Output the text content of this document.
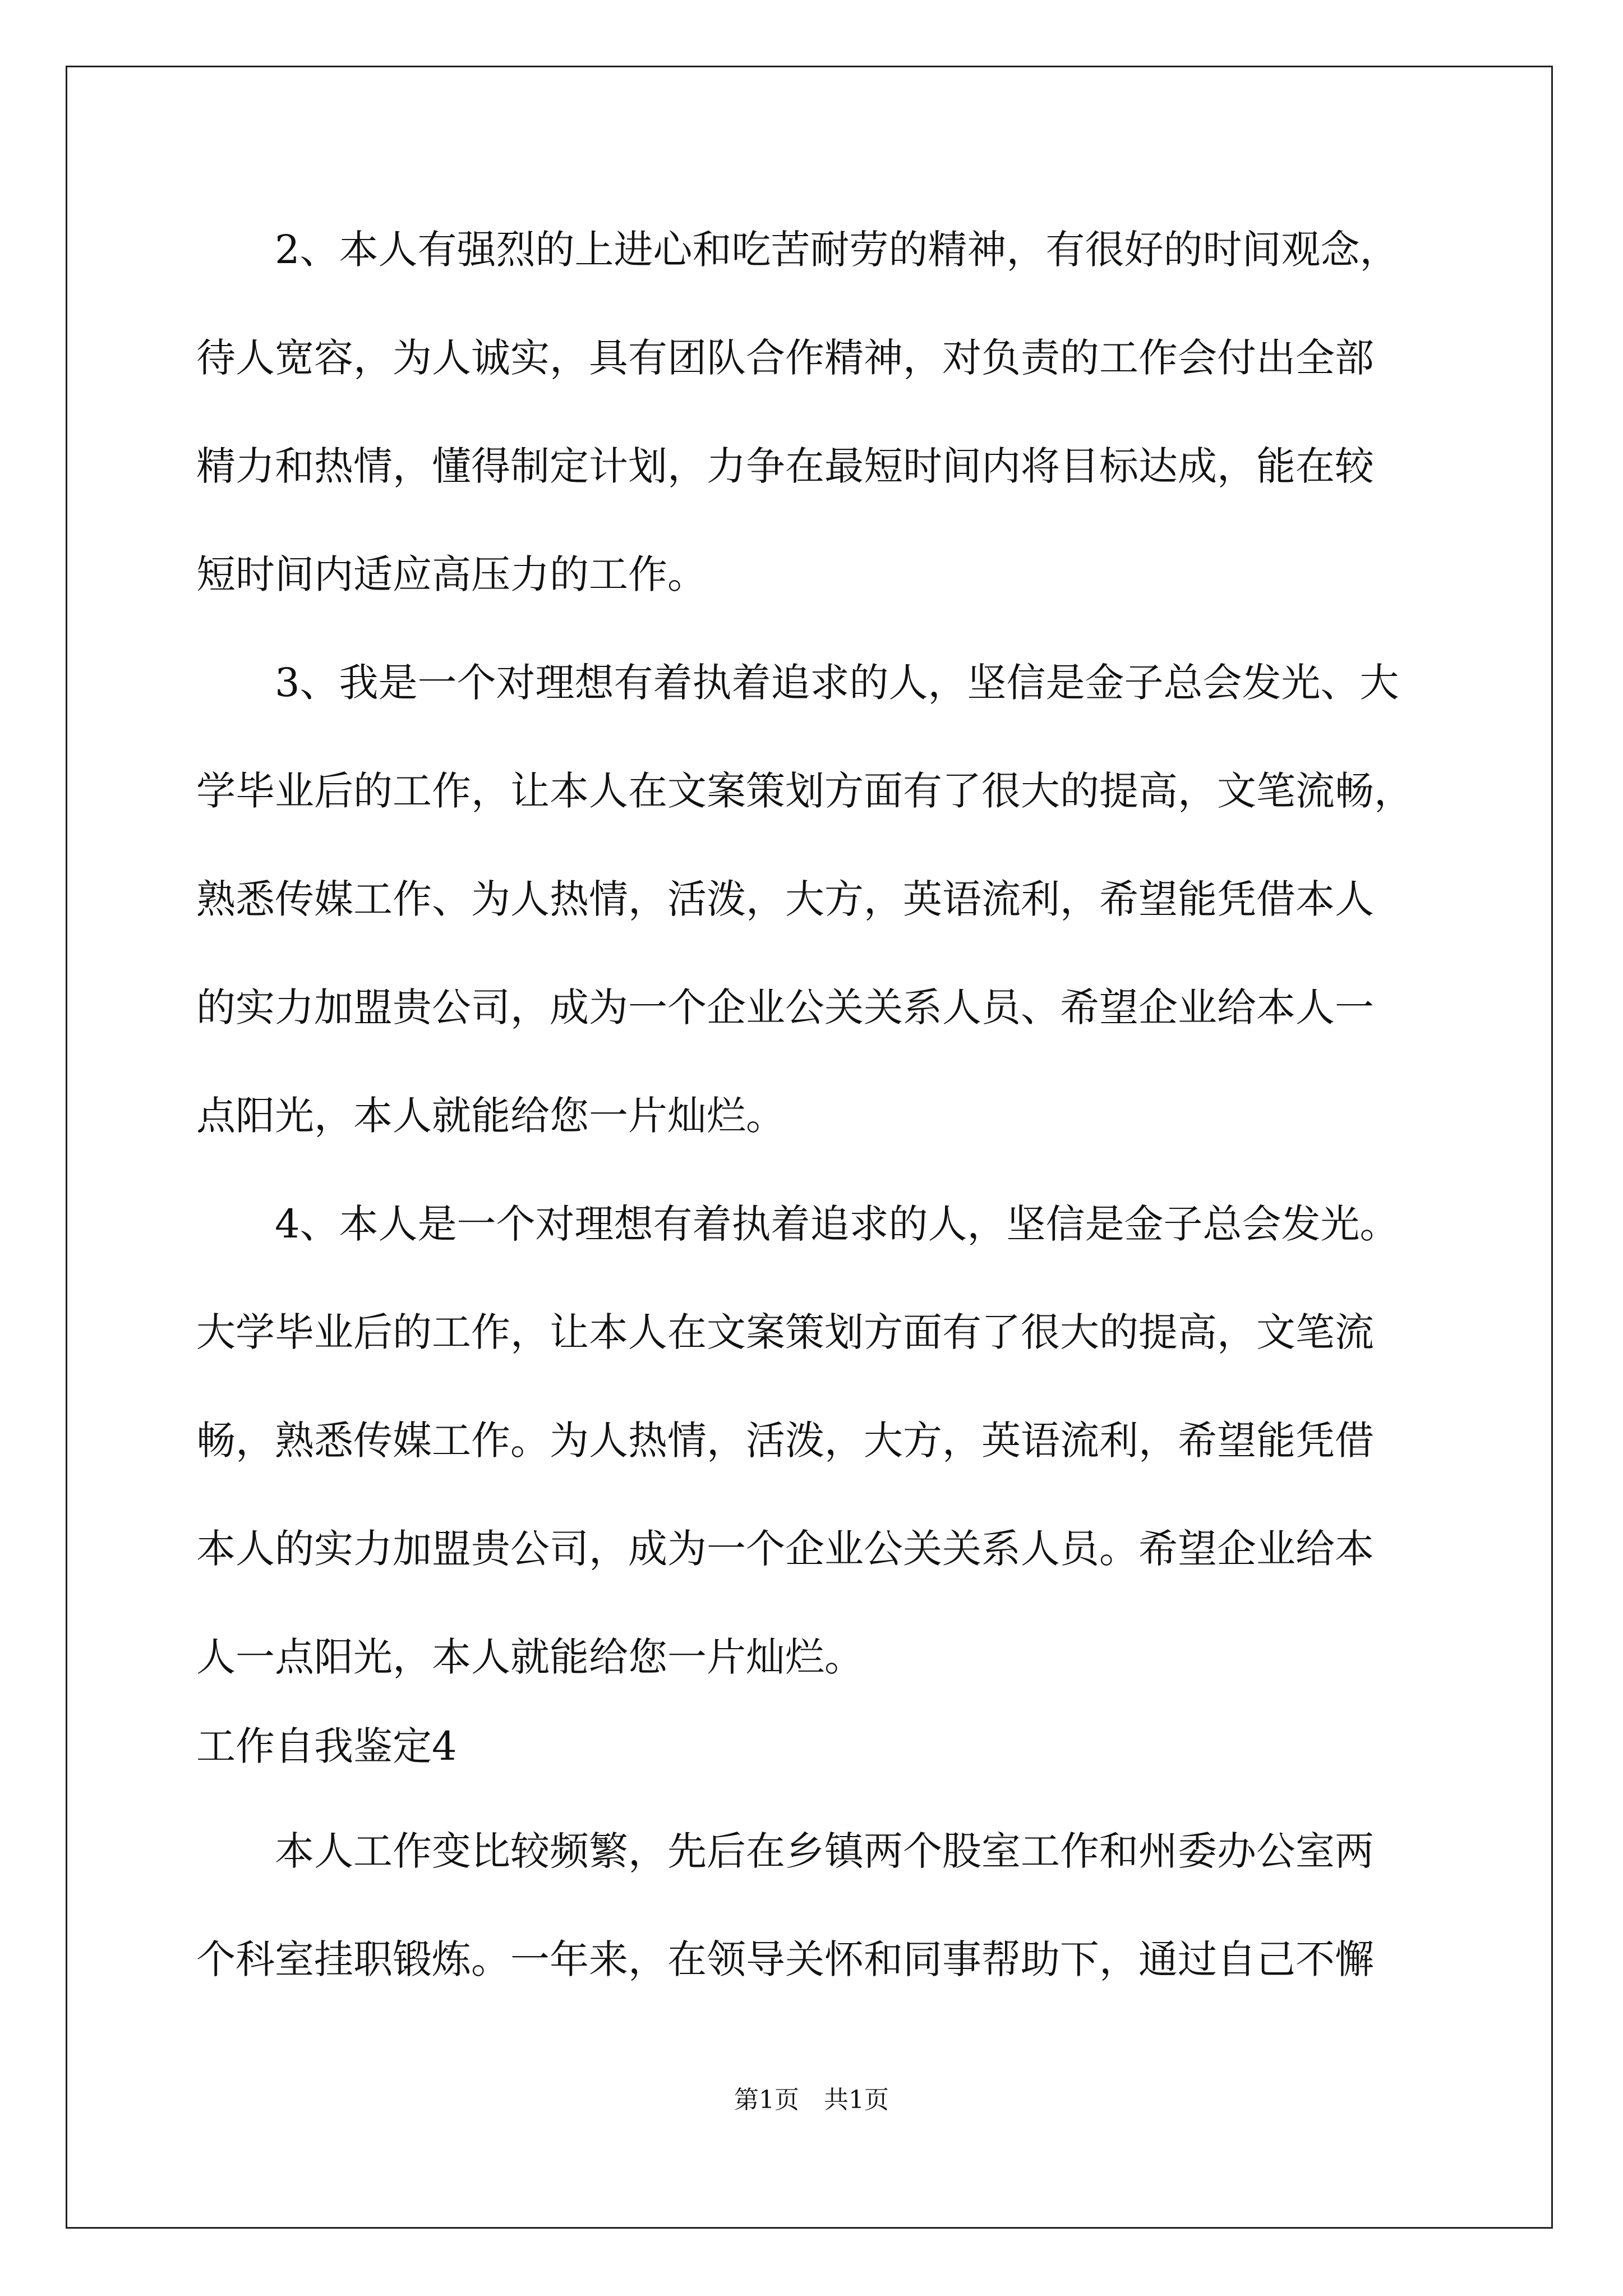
　　2、本人有强烈的上进心和吃苦耐劳的精神，有很好的时间观念，
待人宽容，为人诚实，具有团队合作精神，对负责的工作会付出全部
精力和热情，懂得制定计划，力争在最短时间内将目标达成，能在较
短时间内适应高压力的工作。
　　3、我是一个对理想有着执着追求的人，坚信是金子总会发光、大
学毕业后的工作，让本人在文案策划方面有了很大的提高，文笔流畅，
熟悉传媒工作、为人热情，活泼，大方，英语流利，希望能凭借本人
的实力加盟贵公司，成为一个企业公关关系人员、希望企业给本人一
点阳光，本人就能给您一片灿烂。
　　4、本人是一个对理想有着执着追求的人，坚信是金子总会发光。
大学毕业后的工作，让本人在文案策划方面有了很大的提高，文笔流
畅，熟悉传媒工作。为人热情，活泼，大方，英语流利，希望能凭借
本人的实力加盟贵公司，成为一个企业公关关系人员。希望企业给本
人一点阳光，本人就能给您一片灿烂。
工作自我鉴定4
　　本人工作变比较频繁，先后在乡镇两个股室工作和州委办公室两
个科室挂职锻炼。一年来，在领导关怀和同事帮助下，通过自己不懈
第1页　共1页
